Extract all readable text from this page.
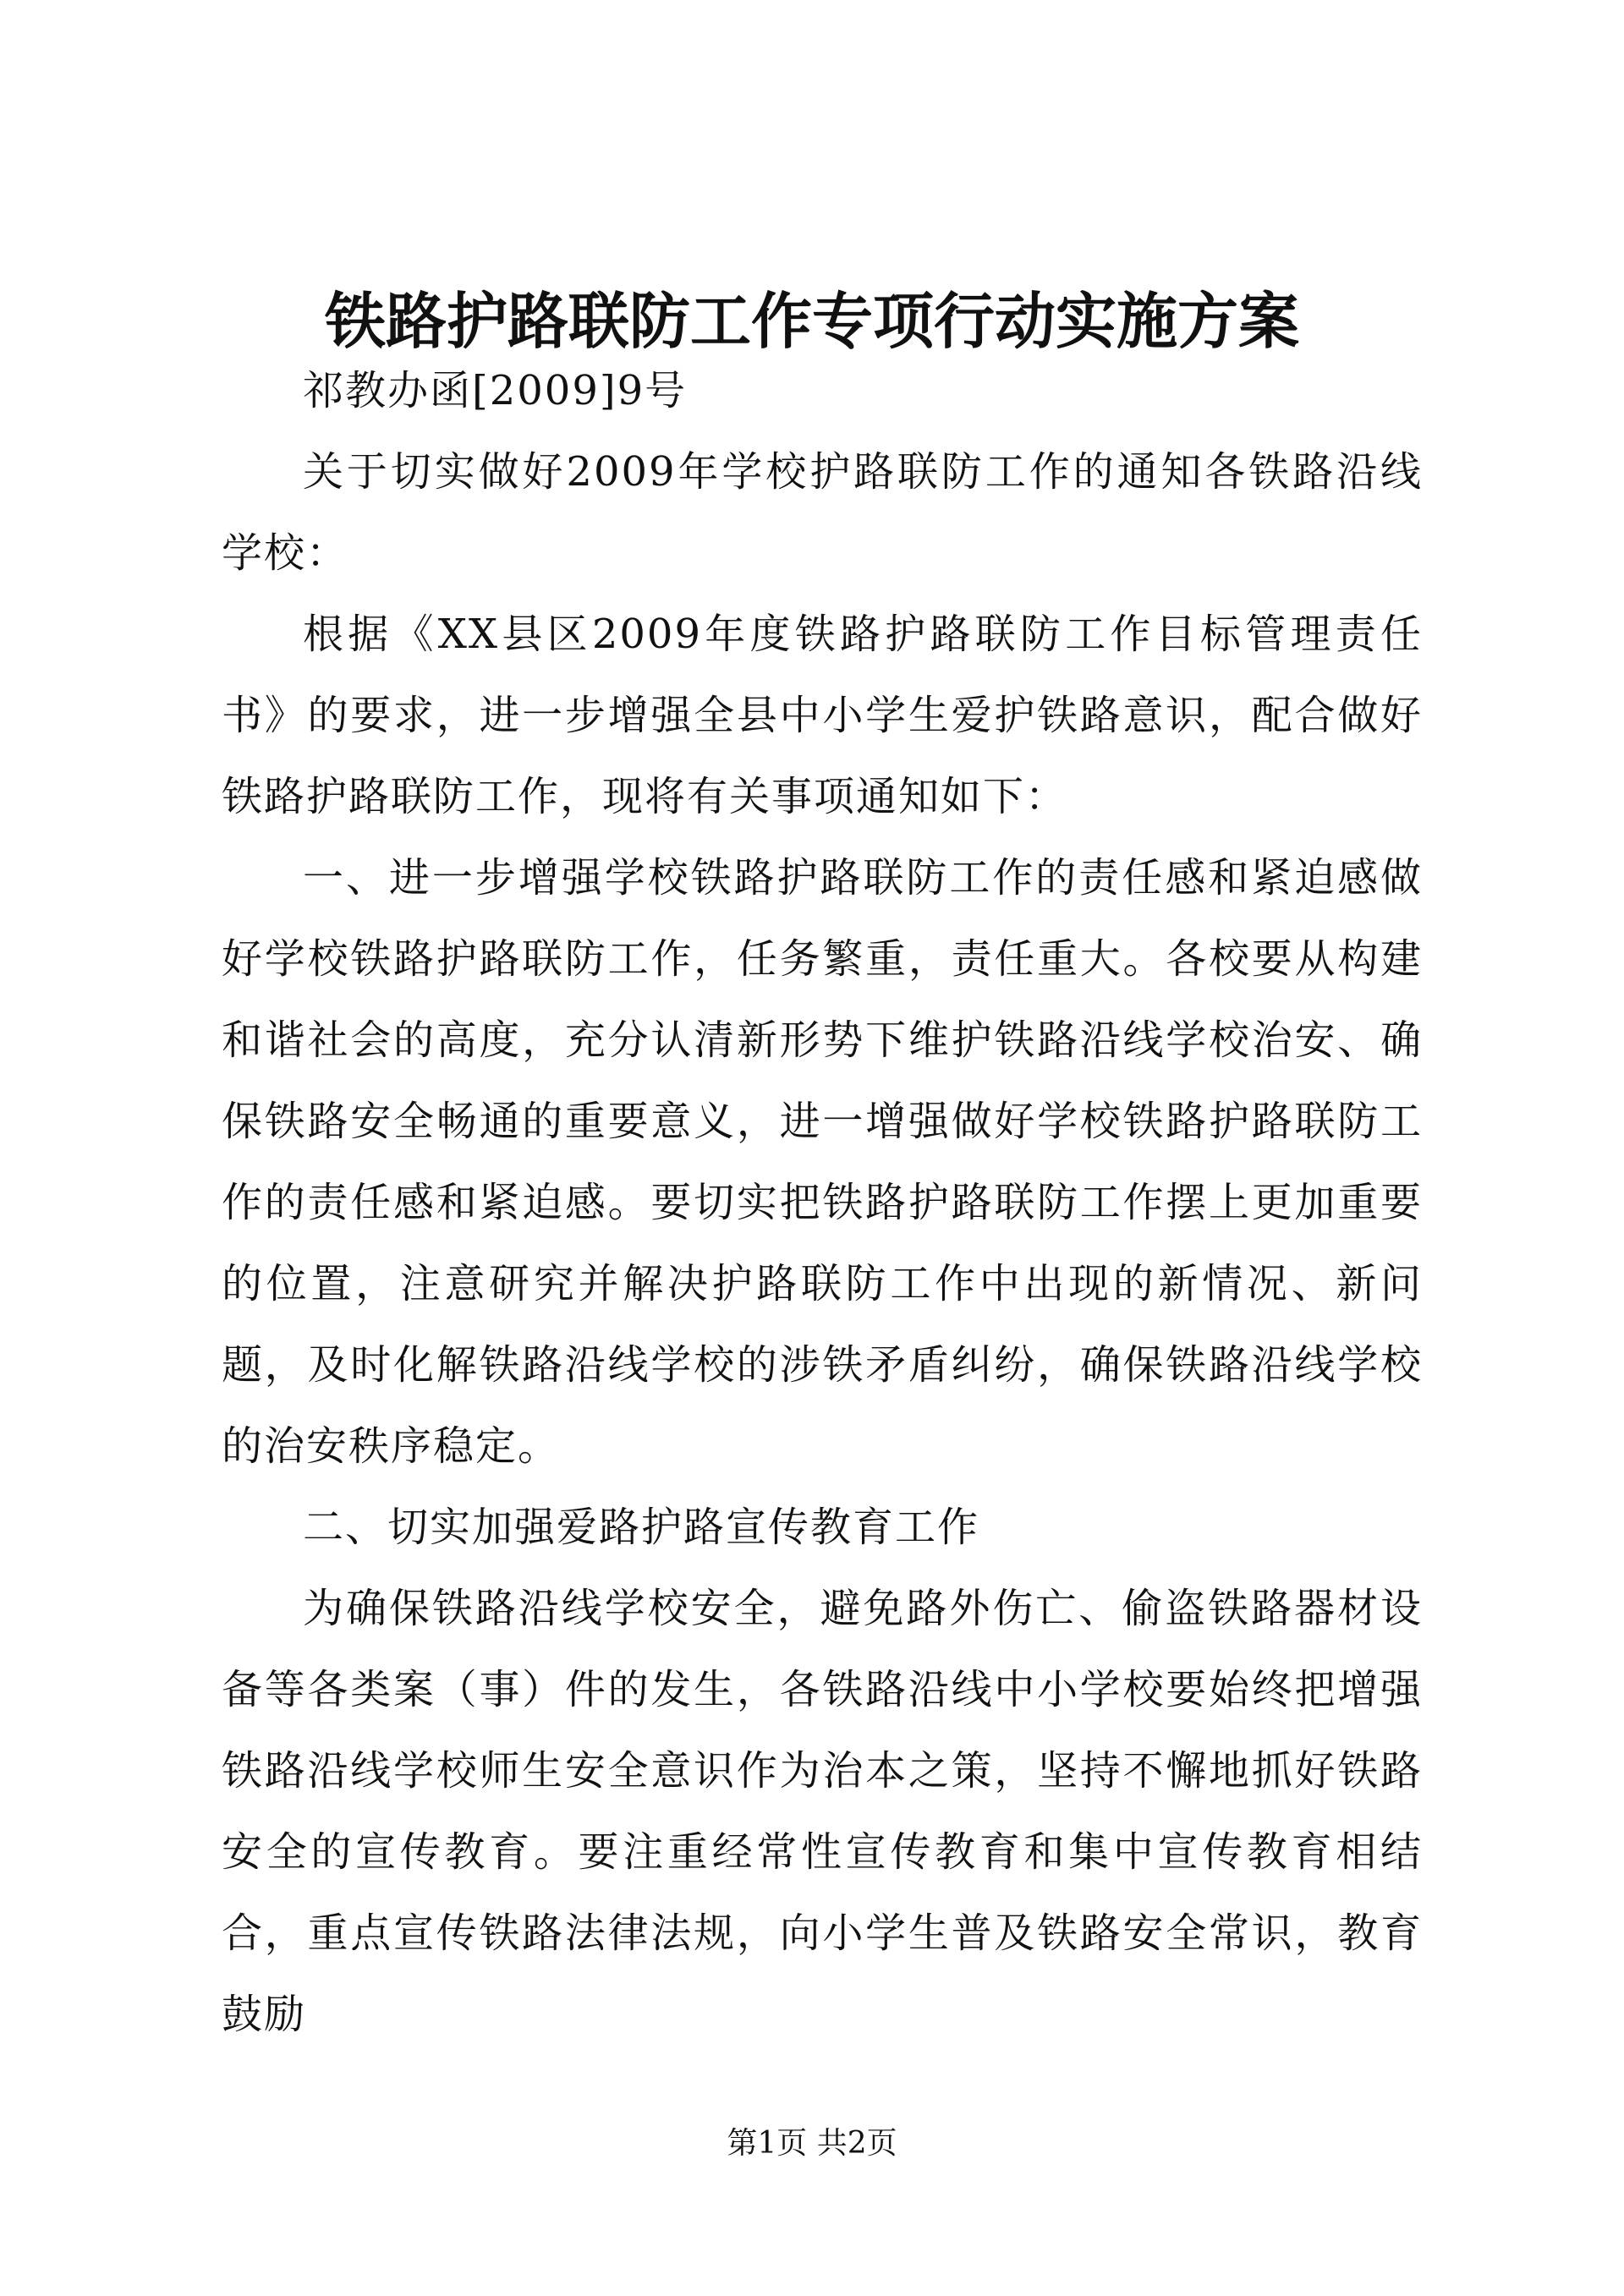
铁路护路联防工作专项行动实施方案

祁教办函[2009]9号

关于切实做好2009年学校护路联防工作的通知各铁路沿线学校：

根据《XX县区2009年度铁路护路联防工作目标管理责任书》的要求，进一步增强全县中小学生爱护铁路意识，配合做好铁路护路联防工作，现将有关事项通知如下：

一、进一步增强学校铁路护路联防工作的责任感和紧迫感做好学校铁路护路联防工作，任务繁重，责任重大。各校要从构建和谐社会的高度，充分认清新形势下维护铁路沿线学校治安、确保铁路安全畅通的重要意义，进一增强做好学校铁路护路联防工作的责任感和紧迫感。要切实把铁路护路联防工作摆上更加重要的位置，注意研究并解决护路联防工作中出现的新情况、新问题，及时化解铁路沿线学校的涉铁矛盾纠纷，确保铁路沿线学校的治安秩序稳定。

二、切实加强爱路护路宣传教育工作

为确保铁路沿线学校安全，避免路外伤亡、偷盗铁路器材设备等各类案（事）件的发生，各铁路沿线中小学校要始终把增强铁路沿线学校师生安全意识作为治本之策，坚持不懈地抓好铁路安全的宣传教育。要注重经常性宣传教育和集中宣传教育相结合，重点宣传铁路法律法规，向小学生普及铁路安全常识，教育鼓励

第1页 共2页
